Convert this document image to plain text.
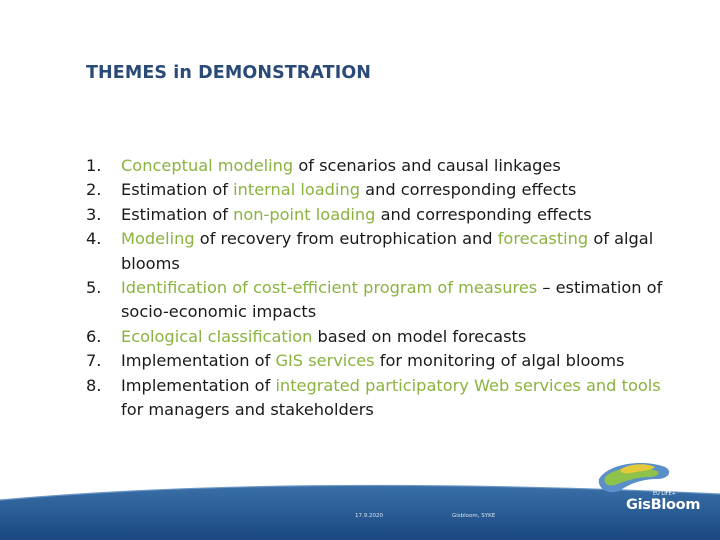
THEMES in DEMONSTRATION
1.	Conceptual modeling of scenarios and causal linkages
2.	Estimation of internal loading and corresponding effects
3.	Estimation of non-point loading and corresponding effects
4.	Modeling of recovery from eutrophication and forecasting of algal blooms
5.	Identification of cost-efficient program of measures – estimation of socio-economic impacts
6.	Ecological classification based on model forecasts
7.	Implementation of GIS services for monitoring of algal blooms
8.	Implementation of integrated participatory Web services and tools for managers and stakeholders
EU LIFE+
GisBloom
17.9.2020	Gisbloom, SYKE
